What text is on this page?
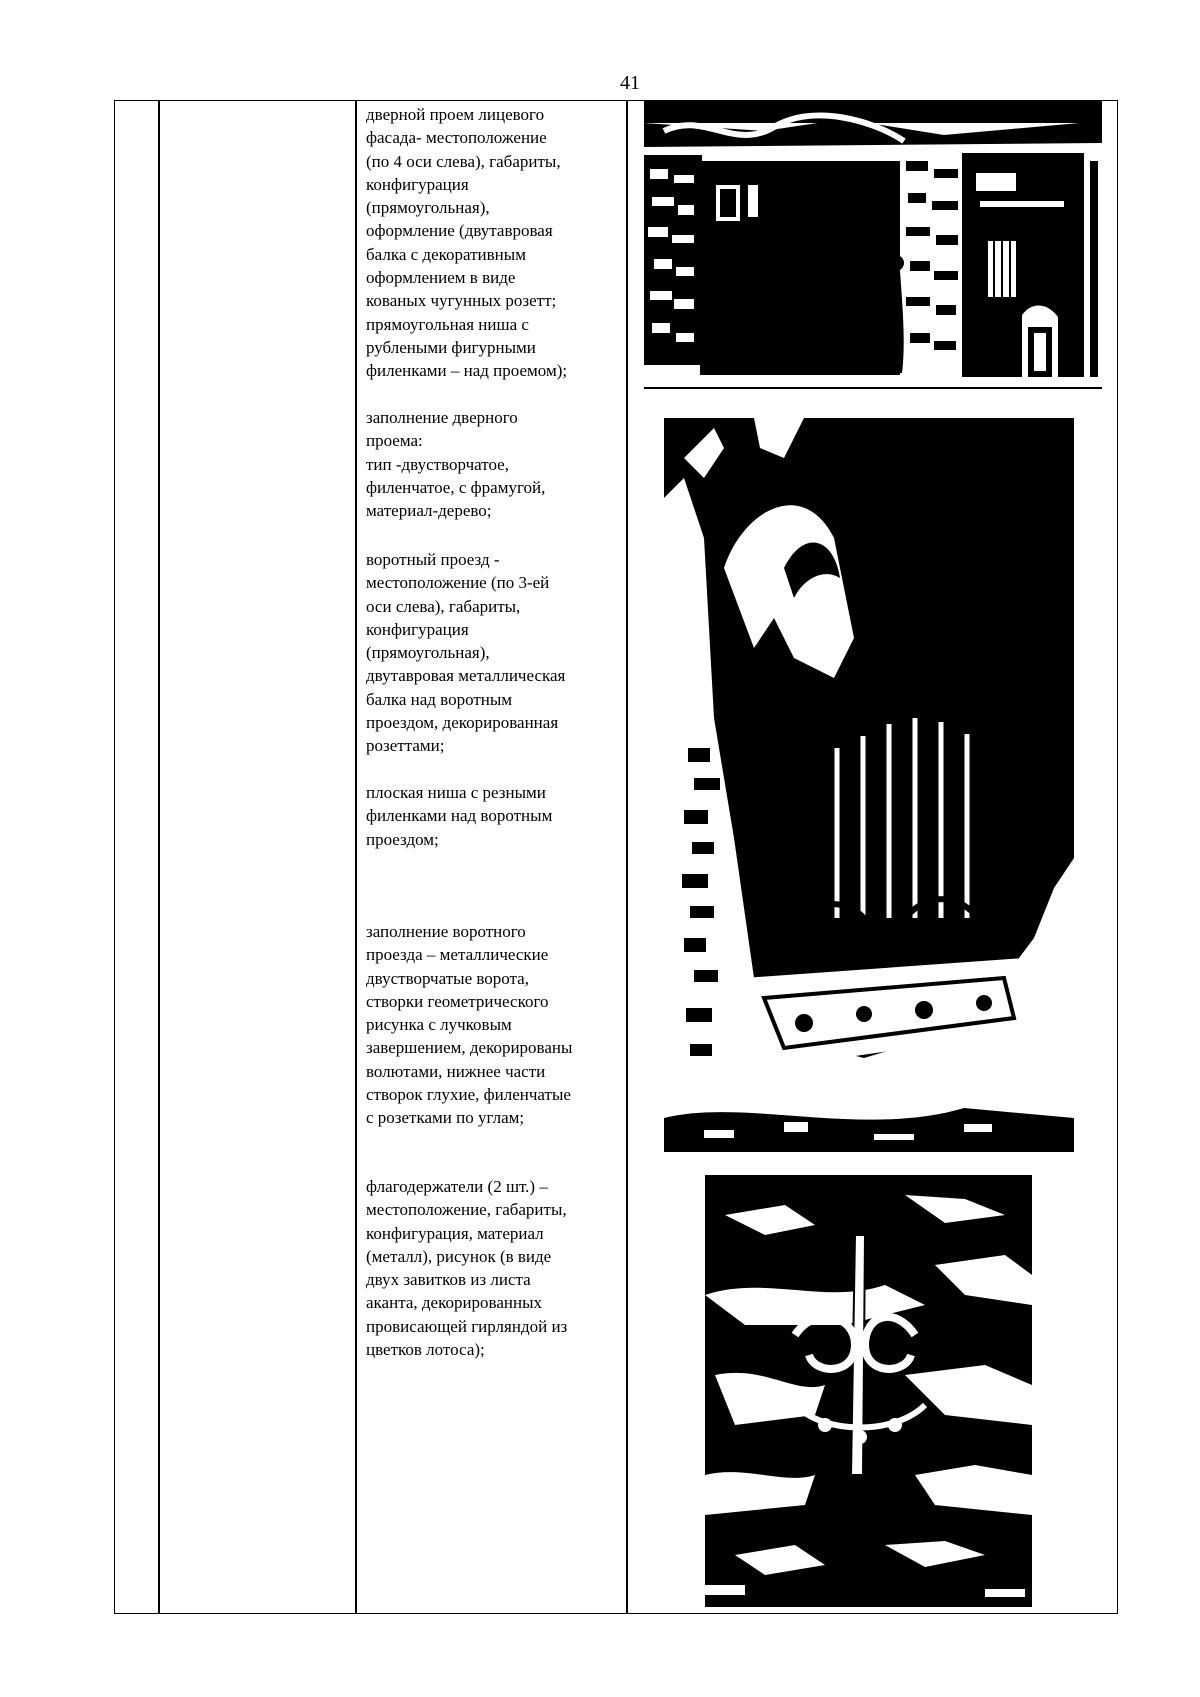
41
дверной проем лицевого
фасада- местоположение
(по 4 оси слева), габариты,
конфигурация
(прямоугольная),
оформление (двутавровая
балка с декоративным
оформлением в виде
кованых чугунных розетт;
прямоугольная ниша с
рублеными фигурными
филенками – над проемом);
заполнение дверного
проема:
тип -двустворчатое,
филенчатое, с фрамугой,
материал-дерево;
воротный проезд -
местоположение (по 3-ей
оси слева), габариты,
конфигурация
(прямоугольная),
двутавровая металлическая
балка над воротным
проездом, декорированная
розеттами;
плоская ниша с резными
филенками над воротным
проездом;
заполнение воротного
проезда – металлические
двустворчатые ворота,
створки геометрического
рисунка с лучковым
завершением, декорированы
волютами, нижнее части
створок глухие, филенчатые
с розетками по углам;
флагодержатели (2 шт.) –
местоположение, габариты,
конфигурация, материал
(металл), рисунок (в виде
двух завитков из листа
аканта, декорированных
провисающей гирляндой из
цветков лотоса);
